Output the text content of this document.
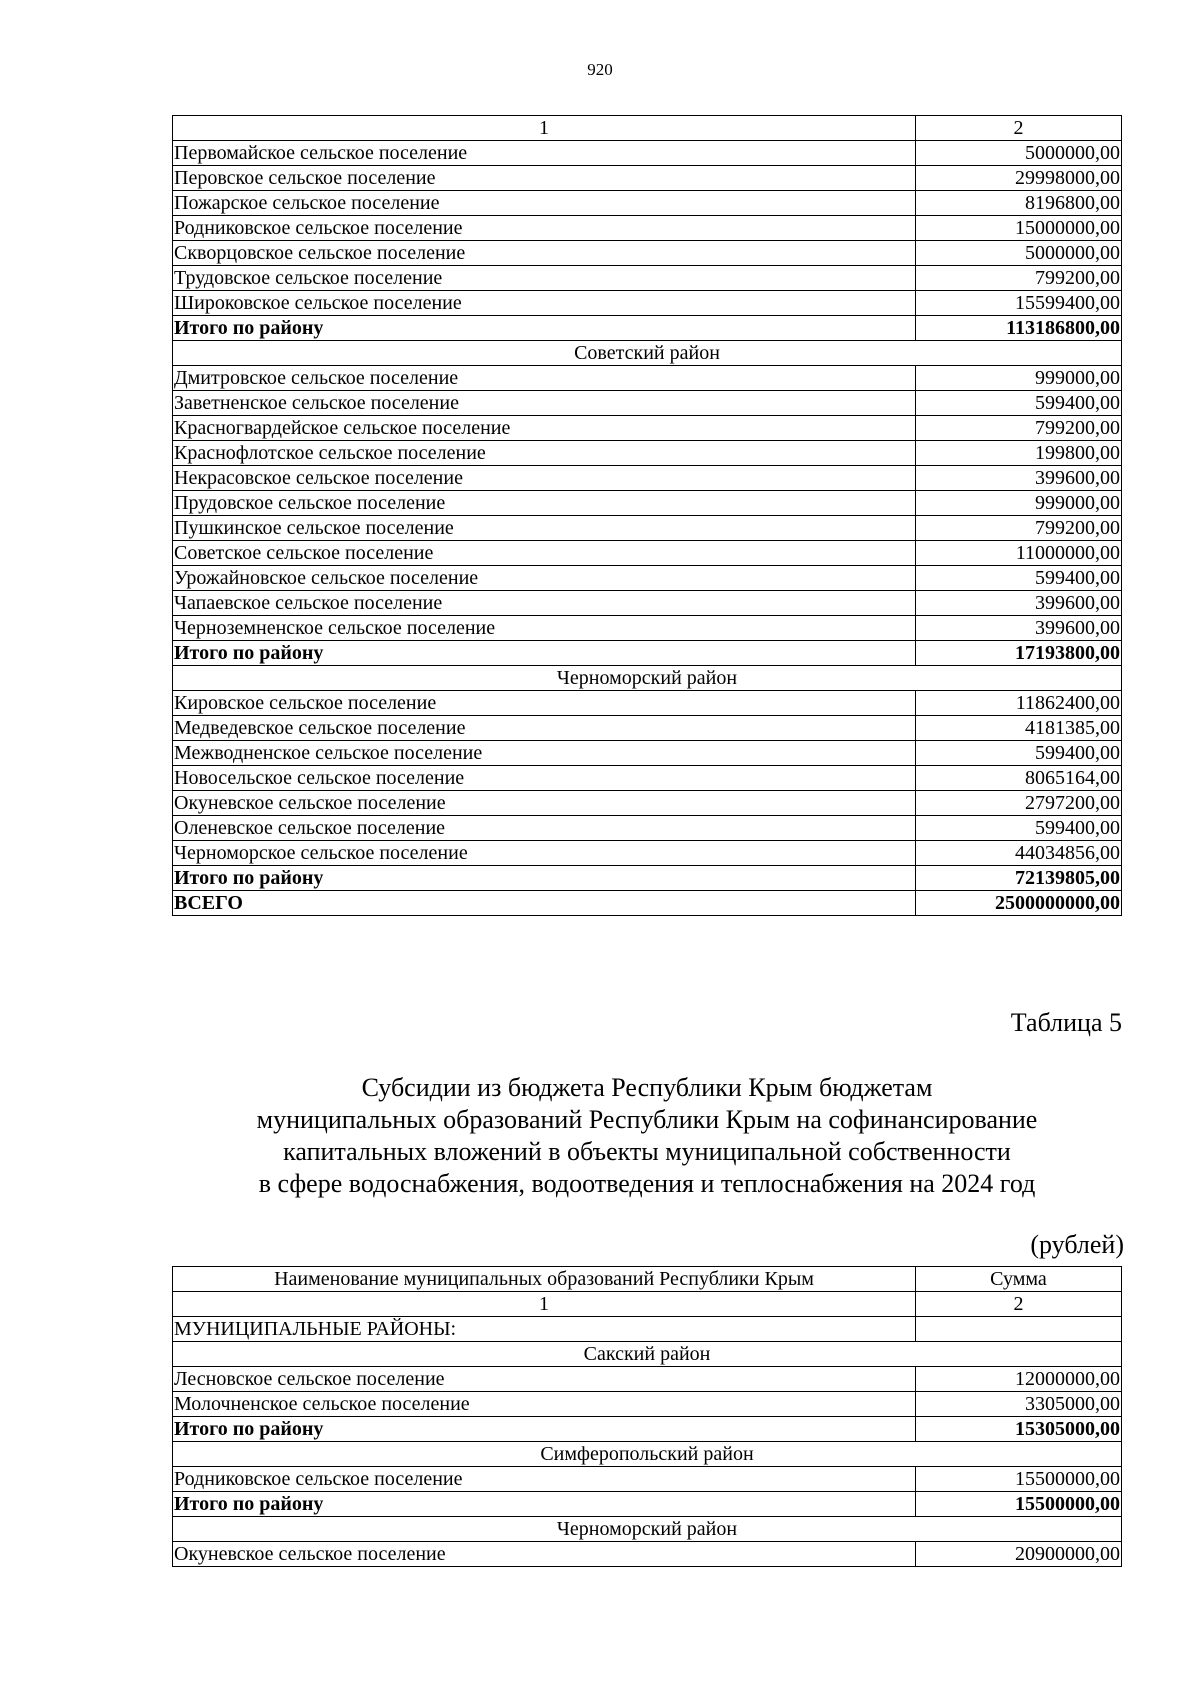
920
1	2
Первомайское сельское поселение	5000000,00
Перовское сельское поселение	29998000,00
Пожарское сельское поселение	8196800,00
Родниковское сельское поселение	15000000,00
Скворцовское сельское поселение	5000000,00
Трудовское сельское поселение	799200,00
Широковское сельское поселение	15599400,00
Итого по району	113186800,00
Советский район	
Дмитровское сельское поселение	999000,00
Заветненское сельское поселение	599400,00
Красногвардейское сельское поселение	799200,00
Краснофлотское сельское поселение	199800,00
Некрасовское сельское поселение	399600,00
Прудовское сельское поселение	999000,00
Пушкинское сельское поселение	799200,00
Советское сельское поселение	11000000,00
Урожайновское сельское поселение	599400,00
Чапаевское сельское поселение	399600,00
Черноземненское сельское поселение	399600,00
Итого по району	17193800,00
Черноморский район	
Кировское сельское поселение	11862400,00
Медведевское сельское поселение	4181385,00
Межводненское сельское поселение	599400,00
Новосельское сельское поселение	8065164,00
Окуневское сельское поселение	2797200,00
Оленевское сельское поселение	599400,00
Черноморское сельское поселение	44034856,00
Итого по району	72139805,00
ВСЕГО	2500000000,00
Таблица 5
Субсидии из бюджета Республики Крым бюджетам
муниципальных образований Республики Крым на софинансирование
капитальных вложений в объекты муниципальной собственности
в сфере водоснабжения, водоотведения и теплоснабжения на 2024 год
(рублей)
Наименование муниципальных образований Республики Крым	Сумма
1	2
МУНИЦИПАЛЬНЫЕ РАЙОНЫ:	
Сакский район	
Лесновское сельское поселение	12000000,00
Молочненское сельское поселение	3305000,00
Итого по району	15305000,00
Симферопольский район	
Родниковское сельское поселение	15500000,00
Итого по району	15500000,00
Черноморский район	
Окуневское сельское поселение	20900000,00
